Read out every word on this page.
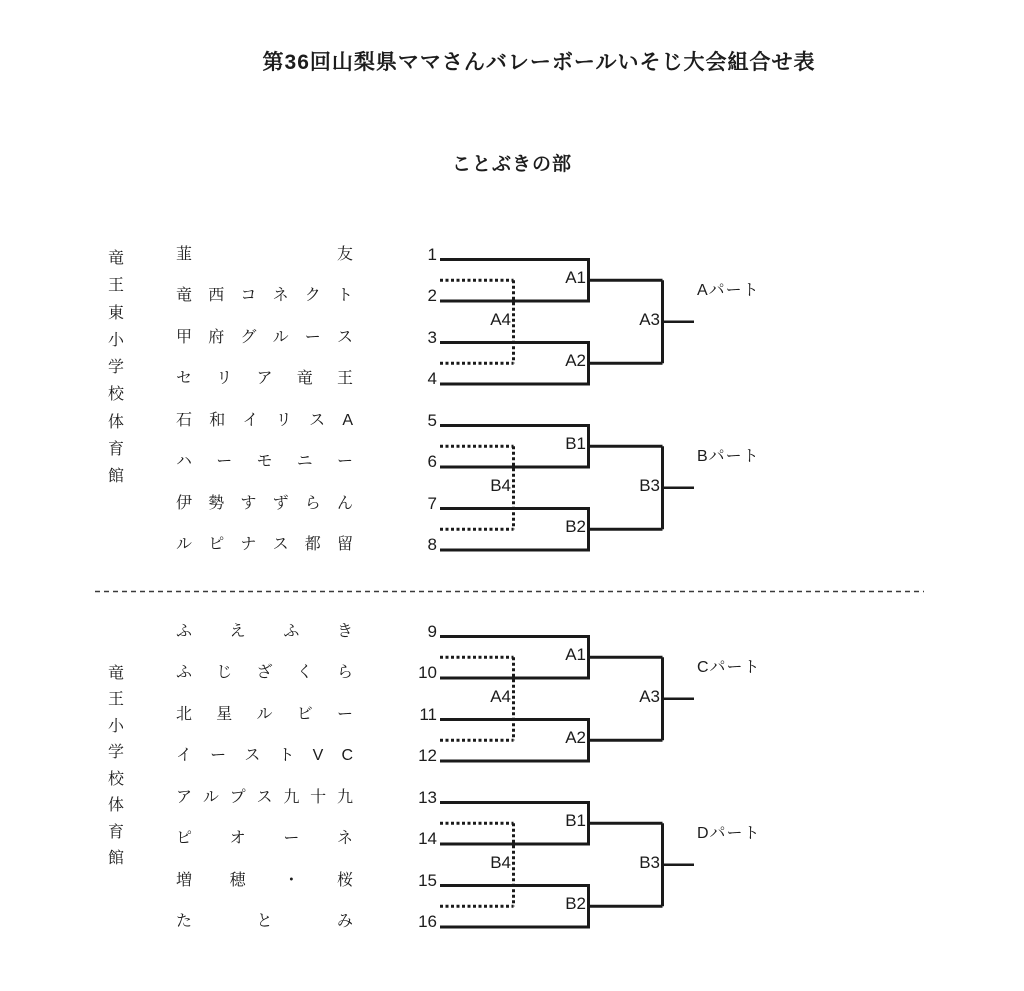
第36回山梨県ママさんバレーボールいそじ大会組合せ表
ことぶきの部
竜
王
東
小
学
校
体
育
館
竜
王
小
学
校
体
育
館
1
韮	友
2
竜 西 コ ネ ク ト
3
甲 府 グ ル ー ス
4
セ リ ア 竜 王
A1
A2
A3
A4
Aパート
5
石 和 イ リ ス A
6
ハ ー モ ニ ー
7
伊 勢 す ず ら ん
8
ル ピ ナ ス 都 留
B1
B2
B3
B4
Bパート
9
ふ え ふ き
10
ふ じ ざ く ら
11
北 星 ル ビ ー
12
イ ー ス ト V C
A1
A2
A3
A4
Cパート
13
ア ル プ ス 九 十 九
14
ピ オ ー ネ
15
増 穂 ・ 桜
16
た	と	み
B1
B2
B3
B4
Dパート
